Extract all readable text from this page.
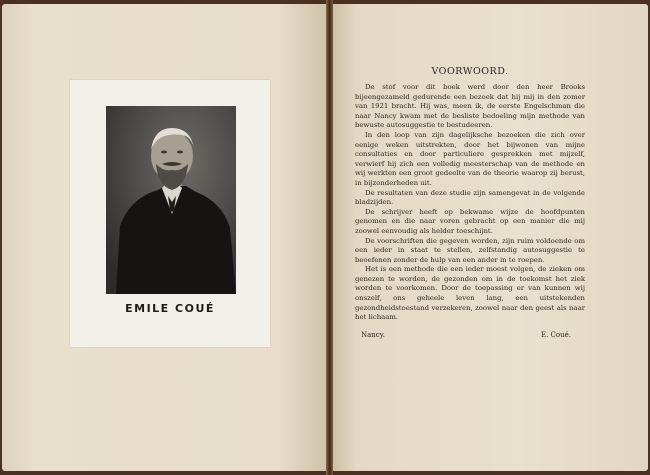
EMILE COUÉ
VOORWOORD.

De stof voor dit boek werd door den heer Brooks bijeengezameld gedurende een bezoek dat hij mij in den zomer van 1921 bracht. Hij was, meen ik, de eerste Engelschman die naar Nancy kwam met de besliste bedoeling mijn methode van bewuste autosuggestie te bestudeeren.

In den loop van zijn dagelijksche bezoeken die zich over eenige weken uitstrekten, door het bijwonen van mijne consultaties en door particuliere gesprekken met mijzelf, verwierf hij zich een volledig meesterschap van de methode en wij werkten een groot gedeelte van de theorie waarop zij berust, in bijzonderheden uit.

De resultaten van deze studie zijn samengevat in de volgende bladzijden.

De schrijver heeft op bekwame wijze de hoofdpunten genomen en die naar voren gebracht op een manier die mij zoowel eenvoudig als helder toeschijnt.

De voorschriften die gegeven worden, zijn ruim voldoende om een ieder in staat te stellen, zelfstandig autosuggestie te beoefenen zonder de hulp van een ander in te roepen.

Het is een methode die een ieder moest volgen, de zieken om genezen te worden, de gezonden om in de toekomst het ziek worden te voorkomen. Door de toepassing er van kunnen wij onszelf, ons geheele leven lang, een uitstekenden gezondheidstoestand verzekeren, zoowel naar den geest als naar het lichaam.

Nancy.	E. Coué.
